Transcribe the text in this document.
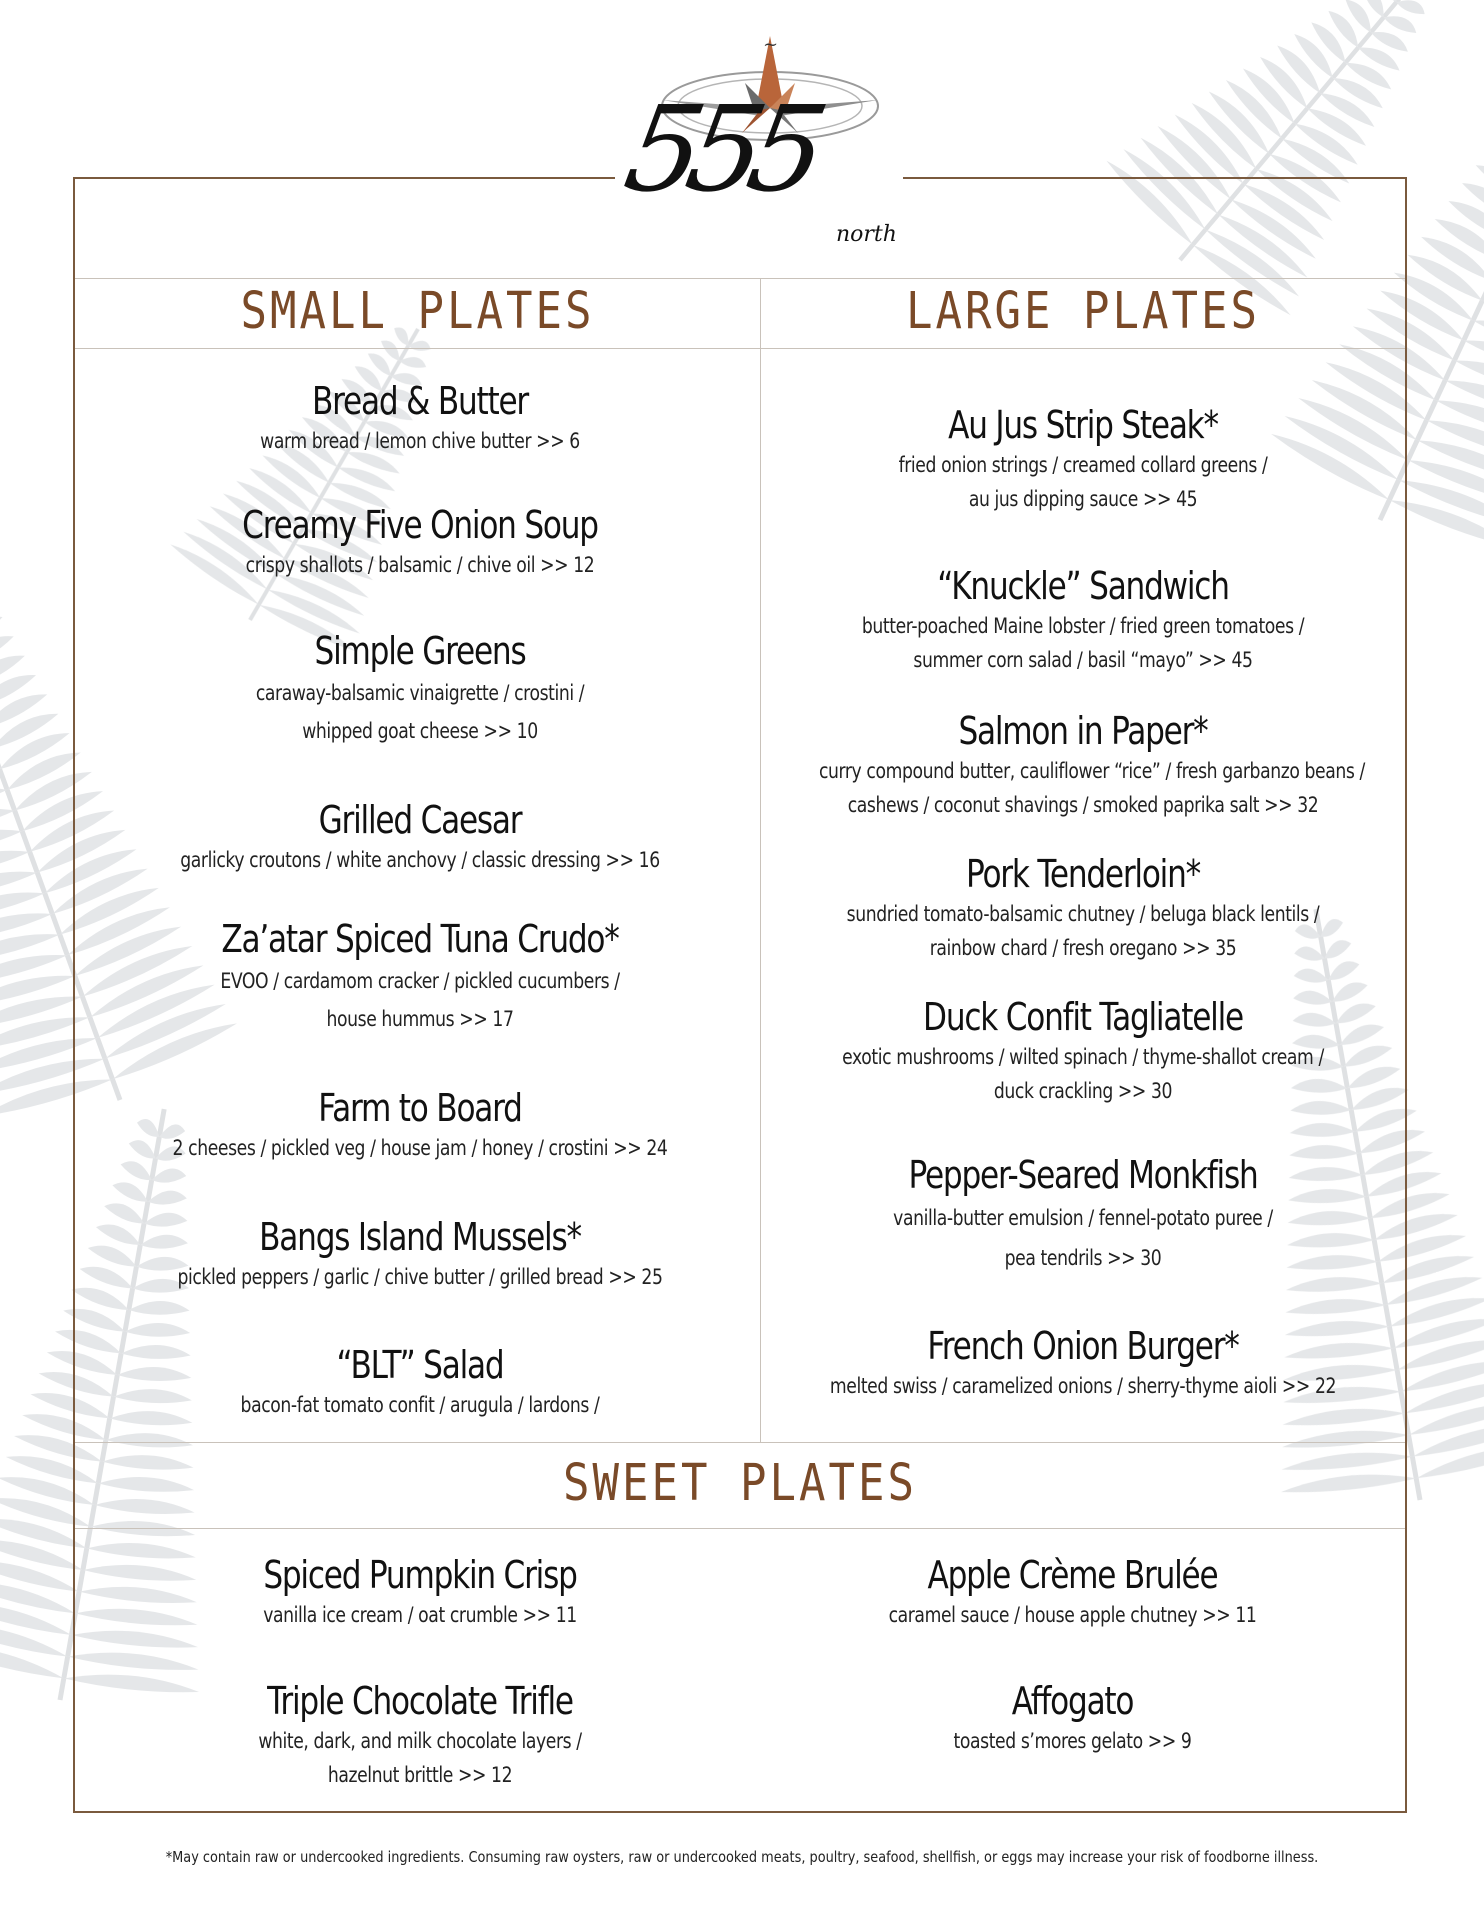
~
555
north
SMALL PLATES	LARGE PLATES
SWEET PLATES
Bread & Butter
warm bread / lemon chive butter >> 6
Creamy Five Onion Soup
crispy shallots / balsamic / chive oil >> 12
Simple Greens
caraway-balsamic vinaigrette / crostini /
whipped goat cheese >> 10
Grilled Caesar
garlicky croutons / white anchovy / classic dressing >> 16
Za’atar Spiced Tuna Crudo*
EVOO / cardamom cracker / pickled cucumbers /
house hummus >> 17
Farm to Board
2 cheeses / pickled veg / house jam / honey / crostini >> 24
Bangs Island Mussels*
pickled peppers / garlic / chive butter / grilled bread >> 25
“BLT” Salad
bacon-fat tomato confit / arugula / lardons /
Au Jus Strip Steak*
fried onion strings / creamed collard greens /
au jus dipping sauce >> 45
“Knuckle” Sandwich
butter-poached Maine lobster / fried green tomatoes /
summer corn salad / basil “mayo” >> 45
Salmon in Paper*
curry compound butter, cauliflower “rice” / fresh garbanzo beans /
cashews / coconut shavings / smoked paprika salt >> 32
Pork Tenderloin*
sundried tomato-balsamic chutney / beluga black lentils /
rainbow chard / fresh oregano >> 35
Duck Confit Tagliatelle
exotic mushrooms / wilted spinach / thyme-shallot cream /
duck crackling >> 30
Pepper-Seared Monkfish
vanilla-butter emulsion / fennel-potato puree /
pea tendrils >> 30
French Onion Burger*
melted swiss / caramelized onions / sherry-thyme aioli >> 22
Spiced Pumpkin Crisp
vanilla ice cream / oat crumble >> 11
Apple Crème Brulée
caramel sauce / house apple chutney >> 11
Triple Chocolate Trifle
white, dark, and milk chocolate layers /
hazelnut brittle >> 12
Affogato
toasted s’mores gelato >> 9
*May contain raw or undercooked ingredients. Consuming raw oysters, raw or undercooked meats, poultry, seafood, shellfish, or eggs may increase your risk of foodborne illness.
